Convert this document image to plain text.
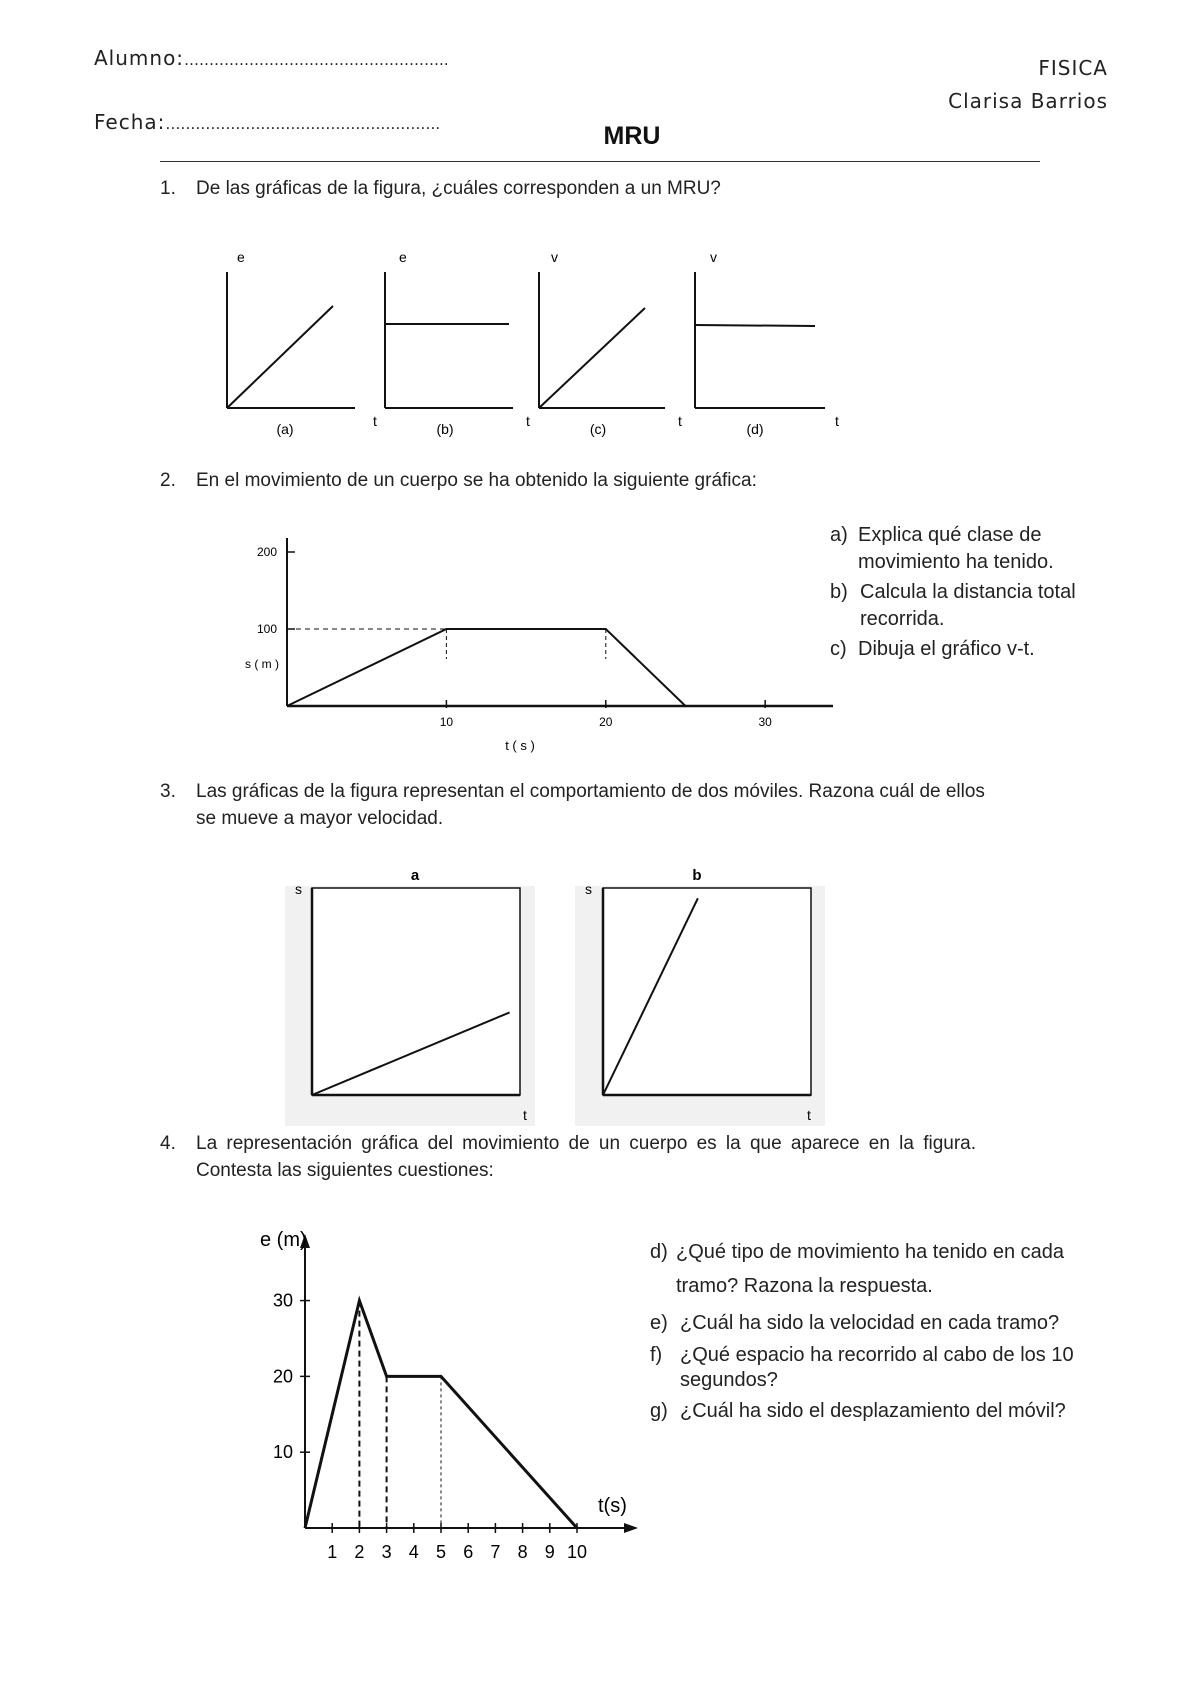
Alumno:……………………………………………..
Fecha:……………………………………………….
FISICA
Clarisa Barrios
MRU
1.	De las gráficas de la figura, ¿cuáles corresponden a un MRU?
e
t
(a)
e
t
(b)
v
t
(c)
v
t
(d)
2.	En el movimiento de un cuerpo se ha obtenido la siguiente gráfica:
200
100
10	20	30
s ( m )
t ( s )
a) Explica qué clase de movimiento ha tenido.
b) Calcula la distancia total recorrida.
c) Dibuja el gráfico v-t.
3.	Las gráficas de la figura representan el comportamiento de dos móviles. Razona cuál de ellos se mueve a mayor velocidad.
a
s
t
b
s
t
4.	La representación gráfica del movimiento de un cuerpo es la que aparece en la figura. Contesta las siguientes cuestiones:
10
20
30
1 2 3 4 5 6 7 8 9 10
e (m)
t(s)
d) ¿Qué tipo de movimiento ha tenido en cada tramo? Razona la respuesta.
e) ¿Cuál ha sido la velocidad en cada tramo?
f) ¿Qué espacio ha recorrido al cabo de los 10 segundos?
g) ¿Cuál ha sido el desplazamiento del móvil?
